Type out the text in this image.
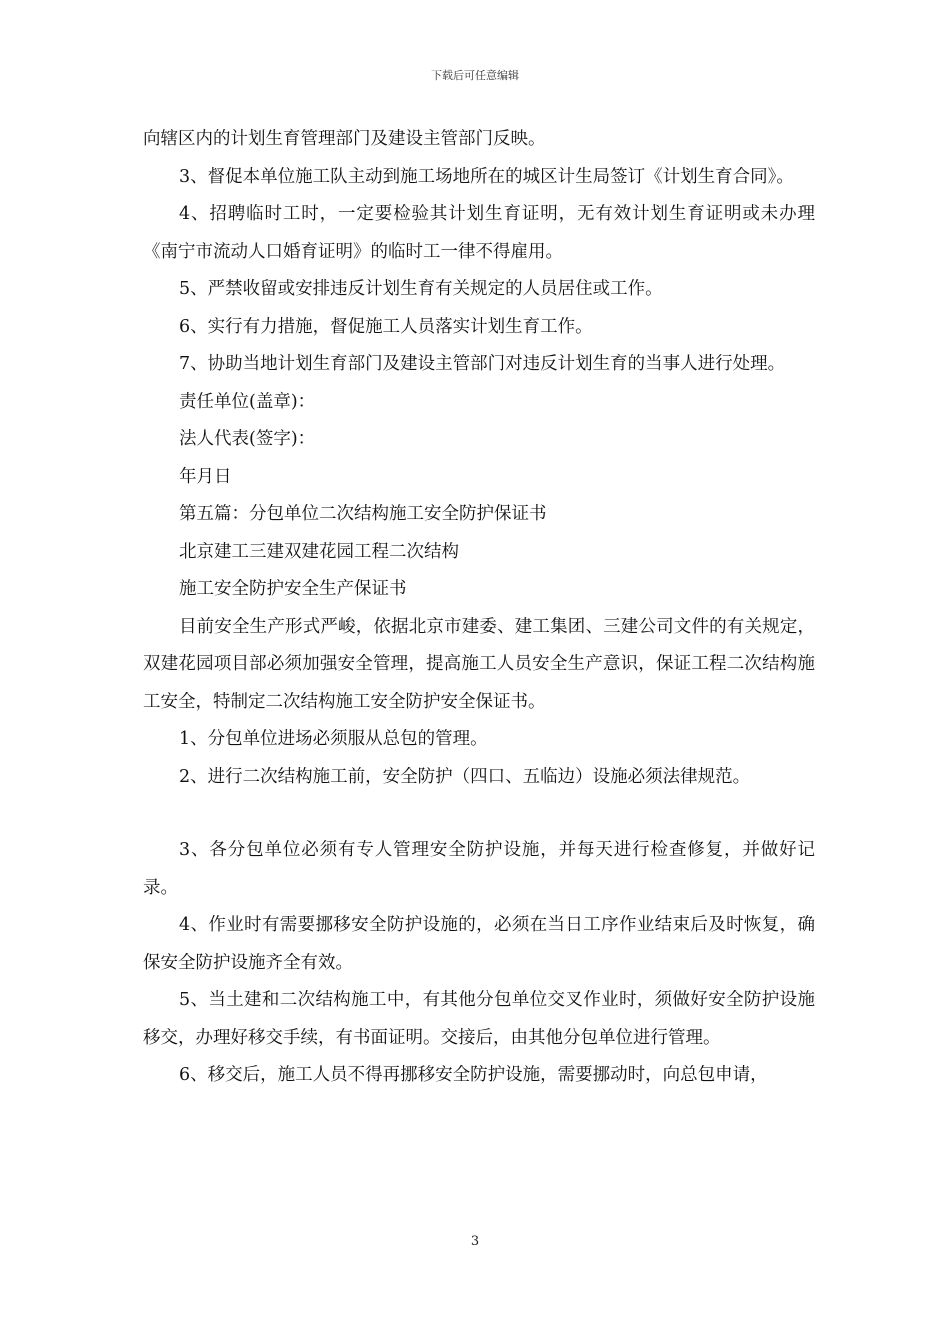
下载后可任意编辑

向辖区内的计划生育管理部门及建设主管部门反映。

3、督促本单位施工队主动到施工场地所在的城区计生局签订《计划生育合同》。

4、招聘临时工时，一定要检验其计划生育证明，无有效计划生育证明或未办理《南宁市流动人口婚育证明》的临时工一律不得雇用。

5、严禁收留或安排违反计划生育有关规定的人员居住或工作。

6、实行有力措施，督促施工人员落实计划生育工作。

7、协助当地计划生育部门及建设主管部门对违反计划生育的当事人进行处理。

责任单位(盖章)：

法人代表(签字)：

年月日

第五篇：分包单位二次结构施工安全防护保证书

北京建工三建双建花园工程二次结构

施工安全防护安全生产保证书

目前安全生产形式严峻，依据北京市建委、建工集团、三建公司文件的有关规定，双建花园项目部必须加强安全管理，提高施工人员安全生产意识，保证工程二次结构施工安全，特制定二次结构施工安全防护安全保证书。

1、分包单位进场必须服从总包的管理。

2、进行二次结构施工前，安全防护（四口、五临边）设施必须法律规范。

3、各分包单位必须有专人管理安全防护设施，并每天进行检查修复，并做好记录。

4、作业时有需要挪移安全防护设施的，必须在当日工序作业结束后及时恢复，确保安全防护设施齐全有效。

5、当土建和二次结构施工中，有其他分包单位交叉作业时，须做好安全防护设施移交，办理好移交手续，有书面证明。交接后，由其他分包单位进行管理。

6、移交后，施工人员不得再挪移安全防护设施，需要挪动时，向总包申请，

3
